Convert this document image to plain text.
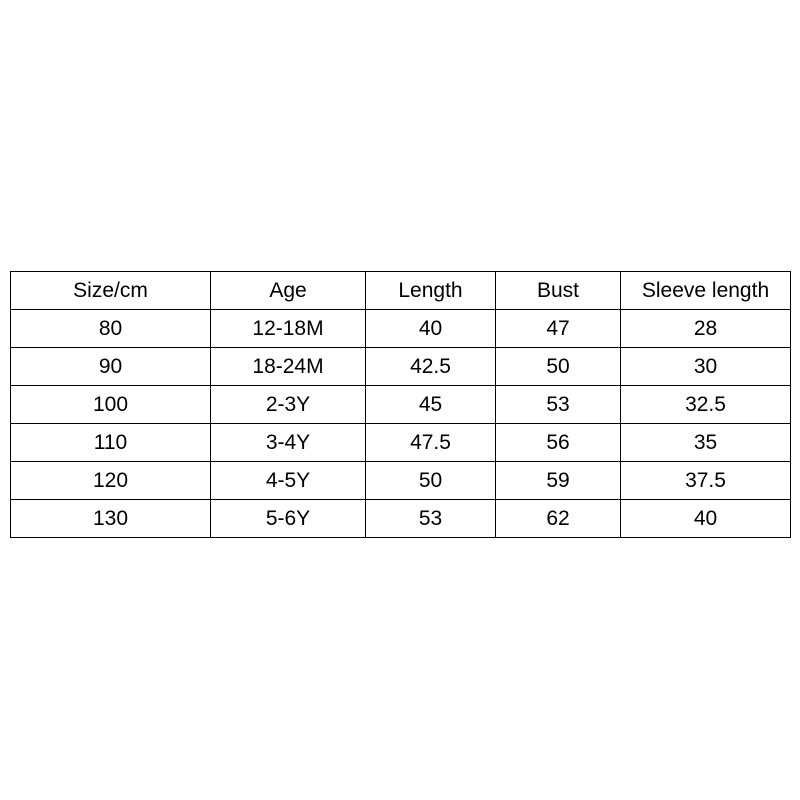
Size/cm	Age	Length	Bust	Sleeve length
80	12-18M	40	47	28
90	18-24M	42.5	50	30
100	2-3Y	45	53	32.5
110	3-4Y	47.5	56	35
120	4-5Y	50	59	37.5
130	5-6Y	53	62	40
